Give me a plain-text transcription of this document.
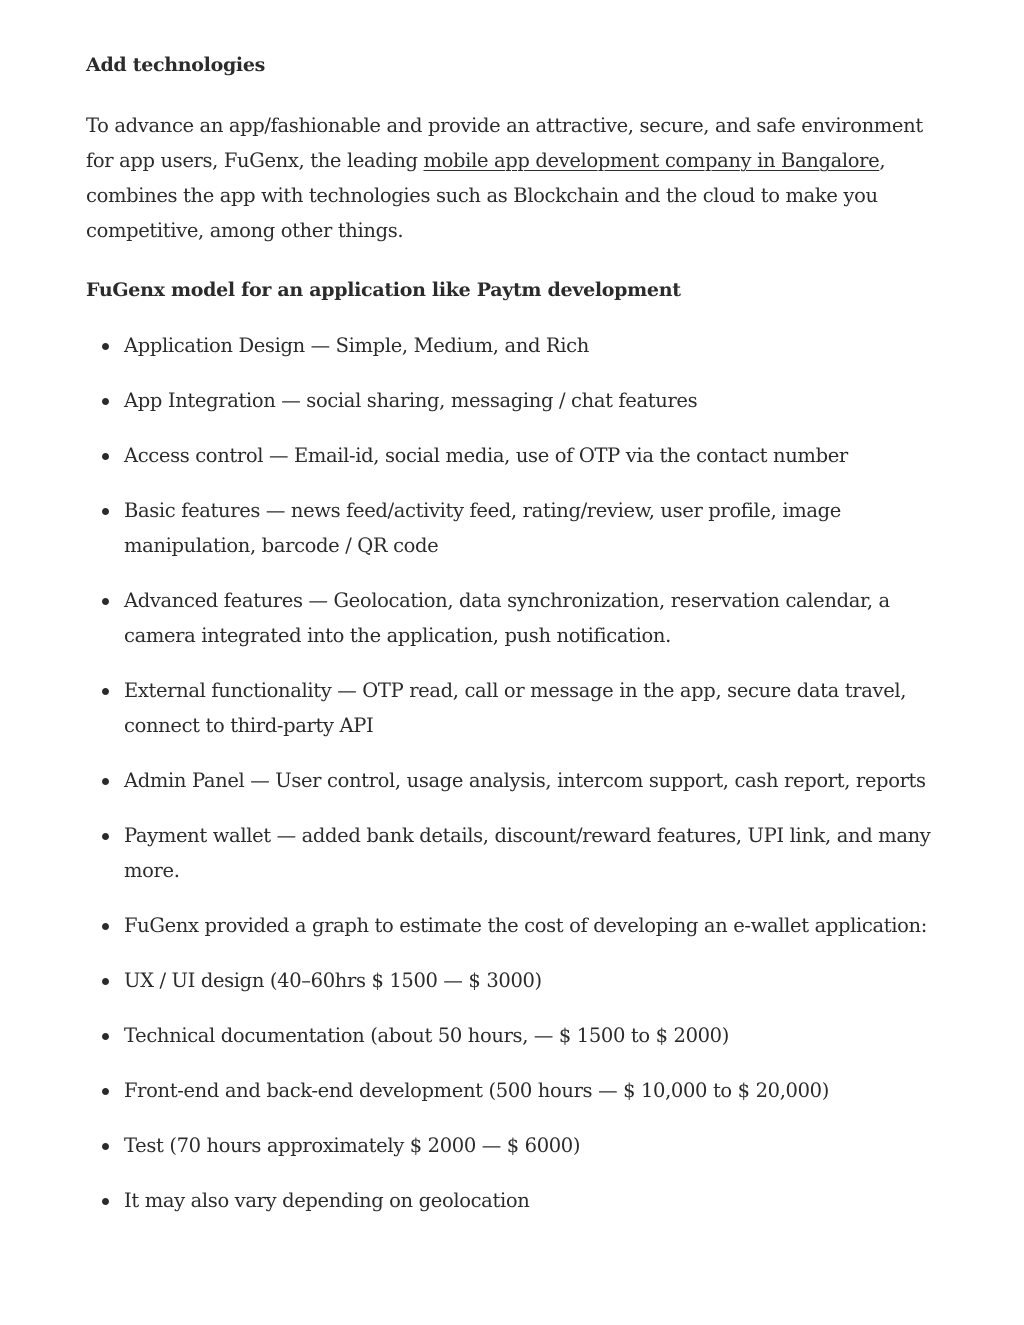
Add technologies

To advance an app/fashionable and provide an attractive, secure, and safe environment for app users, FuGenx, the leading mobile app development company in Bangalore, combines the app with technologies such as Blockchain and the cloud to make you competitive, among other things.

FuGenx model for an application like Paytm development
Application Design — Simple, Medium, and Rich
App Integration — social sharing, messaging / chat features
Access control — Email-id, social media, use of OTP via the contact number
Basic features — news feed/activity feed, rating/review, user profile, image manipulation, barcode / QR code
Advanced features — Geolocation, data synchronization, reservation calendar, a camera integrated into the application, push notification.
External functionality — OTP read, call or message in the app, secure data travel, connect to third-party API
Admin Panel — User control, usage analysis, intercom support, cash report, reports
Payment wallet — added bank details, discount/reward features, UPI link, and many more.
FuGenx provided a graph to estimate the cost of developing an e-wallet application:
UX / UI design (40–60hrs $ 1500 — $ 3000)
Technical documentation (about 50 hours, — $ 1500 to $ 2000)
Front-end and back-end development (500 hours — $ 10,000 to $ 20,000)
Test (70 hours approximately $ 2000 — $ 6000)
It may also vary depending on geolocation
